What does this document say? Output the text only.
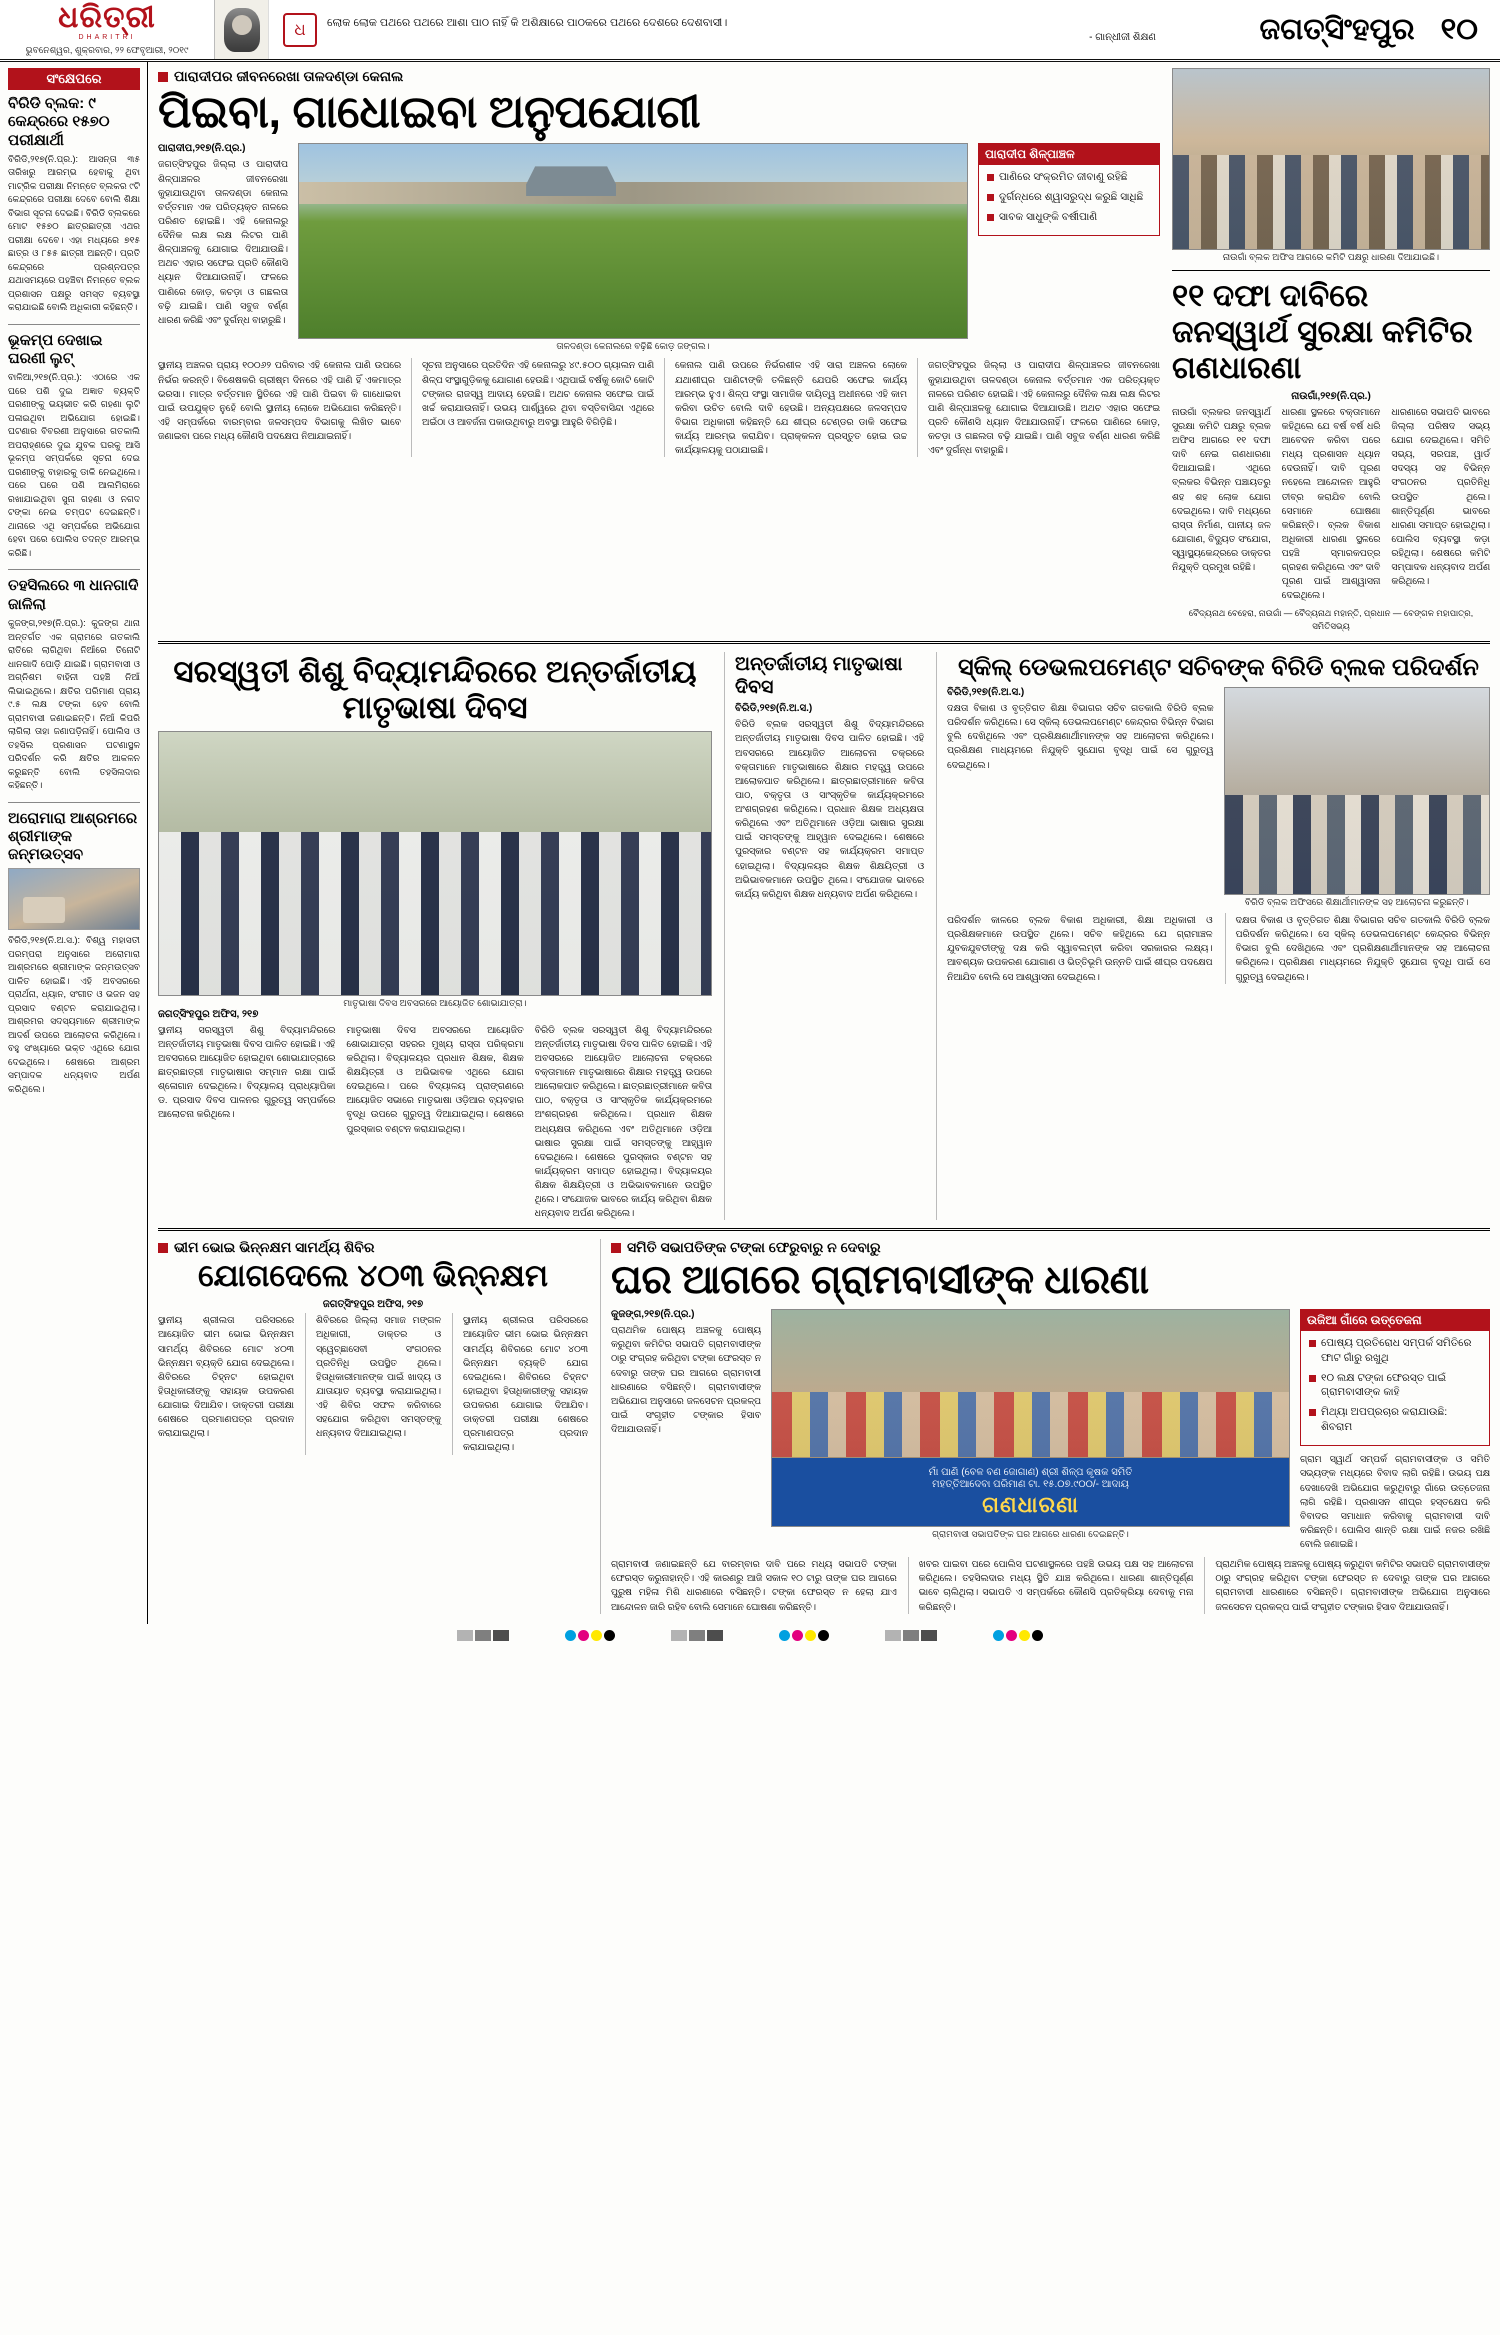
ଧରିତ୍ରୀ
DHARITRI
ଭୁବନେଶ୍ୱର, ଶୁକ୍ରବାର, ୨୨ ଫେବୃଆରୀ, ୨୦୧୯
ଧ	ଲୋକ ଲୋକ ପଥରେ ପଥରେ ଆଶା ପାଠ ନାହିଁ କି ଅଶିକ୍ଷାରେ ପାଠକରେ ପଥରେ ଦେଶରେ ଦେଶବାସୀ।
- ଗାନ୍ଧୀଜୀ ଶିକ୍ଷଣ	ଜଗତ୍‌ସିଂହପୁର ୧୦
ସଂକ୍ଷେପରେ
ବିରିଡି ବ୍ଲକ: ୯ କେନ୍ଦ୍ରରେ ୧୫୭୦ ପରୀକ୍ଷାର୍ଥୀ
ବିରିଡି,୨୧୭(ନି.ପ୍ର.): ଆସନ୍ତା ୩୫ ତାରିଖରୁ ଆରମ୍ଭ ହେବାକୁ ଥିବା ମାଟ୍ରିକ ପରୀକ୍ଷା ନିମନ୍ତେ ବ୍ଲକର ୯ଟି କେନ୍ଦ୍ରରେ ପରୀକ୍ଷା ଦେବେ ବୋଲି ଶିକ୍ଷା ବିଭାଗ ସୂଚନା ଦେଇଛି। ବିରିଡି ବ୍ଲକରେ ମୋଟ ୧୫୭୦ ଛାତ୍ରଛାତ୍ରୀ ଏଥର ପରୀକ୍ଷା ଦେବେ। ଏହା ମଧ୍ୟରେ ୭୧୫ ଛାତ୍ର ଓ ୮୫୫ ଛାତ୍ରୀ ଅଛନ୍ତି। ପ୍ରତି କେନ୍ଦ୍ରରେ ପ୍ରଶ୍ନପତ୍ର ଯଥାସମୟରେ ପହଞ୍ଚିବା ନିମନ୍ତେ ବ୍ଲକ ପ୍ରଶାସନ ପକ୍ଷରୁ ସମସ୍ତ ବ୍ୟବସ୍ଥା କରାଯାଇଛି ବୋଲି ଅଧିକାରୀ କହିଛନ୍ତି।
ଭୂକମ୍ପ ଦେଖାଇ ଘରଣୀ ଲୁଟ୍
ବାଳିଆ,୨୧୭(ନି.ପ୍ର.): ଏଠାରେ ଏକ ଘରେ ପଶି ଦୁଇ ଅଜ୍ଞାତ ବ୍ୟକ୍ତି ଘରଣୀଙ୍କୁ ଭୟଭୀତ କରି ଗହଣା ଲୁଟି ପଳାଇଥିବା ଅଭିଯୋଗ ହୋଇଛି। ଘଟଣାର ବିବରଣୀ ଅନୁସାରେ ଗତକାଲି ଅପରାହ୍ଣରେ ଦୁଇ ଯୁବକ ଘରକୁ ଆସି ଭୂକମ୍ପ ସମ୍ପର୍କରେ ସୂଚନା ଦେଇ ଘରଣୀଙ୍କୁ ବାହାରକୁ ଡାକି ନେଇଥିଲେ। ପରେ ଘରେ ପଶି ଆଲମିରାରେ ରଖାଯାଇଥିବା ସୁନା ଗହଣା ଓ ନଗଦ ଟଙ୍କା ନେଇ ଚମ୍ପଟ ଦେଇଛନ୍ତି। ଥାନାରେ ଏଥି ସମ୍ପର୍କରେ ଅଭିଯୋଗ ହେବା ପରେ ପୋଲିସ ତଦନ୍ତ ଆରମ୍ଭ କରିଛି।
ତହସିଲରେ ୩ ଧାନଗାଦି ଜାଳିଲା
କୁଜଙ୍ଗ,୨୧୭(ନି.ପ୍ର.): କୁଜଙ୍ଗ ଥାନା ଅନ୍ତର୍ଗତ ଏକ ଗ୍ରାମରେ ଗତକାଲି ରାତିରେ ଲାଗିଥିବା ନିଆଁରେ ତିନୋଟି ଧାନଗାଦି ପୋଡି଼ ଯାଇଛି। ଗ୍ରାମବାସୀ ଓ ଅଗ୍ନିଶମ ବାହିନୀ ପହଞ୍ଚି ନିଆଁ ଲିଭାଇଥିଲେ। କ୍ଷତିର ପରିମାଣ ପ୍ରାୟ ୯.୫ ଲକ୍ଷ ଟଙ୍କା ହେବ ବୋଲି ଗ୍ରାମବାସୀ ଜଣାଇଛନ୍ତି। ନିଆଁ କିପରି ଲାଗିଲା ତାହା ଜଣାପଡି଼ନାହିଁ। ପୋଲିସ ଓ ତହସିଲ ପ୍ରଶାସନ ଘଟଣାସ୍ଥଳ ପରିଦର୍ଶନ କରି କ୍ଷତିର ଆକଳନ କରୁଛନ୍ତି ବୋଲି ତହସିଲଦାର କହିଛନ୍ତି।
ଅରୋମାରା ଆଶ୍ରମରେ ଶ୍ରୀମାଙ୍କ ଜନ୍ମଉତ୍ସବ
ବିରିଡି,୨୧୭(ନି.ଅ.ସ.): ବିଶ୍ୱ ମହାସତୀ ପରମ୍ପରା ଅନୁସାରେ ଅରୋମାରା ଆଶ୍ରମରେ ଶ୍ରୀମାଙ୍କ ଜନ୍ମଉତ୍ସବ ପାଳିତ ହୋଇଛି। ଏହି ଅବସରରେ ପ୍ରାର୍ଥନା, ଧ୍ୟାନ, ସଂଗୀତ ଓ ଭଜନ ସହ ପ୍ରସାଦ ବଣ୍ଟନ କରାଯାଇଥିଲା। ଆଶ୍ରମର ସଦସ୍ୟମାନେ ଶ୍ରୀମାଙ୍କ ଆଦର୍ଶ ଉପରେ ଆଲୋଚନା କରିଥିଲେ। ବହୁ ସଂଖ୍ୟାରେ ଭକ୍ତ ଏଥିରେ ଯୋଗ ଦେଇଥିଲେ। ଶେଷରେ ଆଶ୍ରମ ସମ୍ପାଦକ ଧନ୍ୟବାଦ ଅର୍ପଣ କରିଥିଲେ।
ପାରାଦୀପର ଜୀବନରେଖା ତାଳଦଣ୍ଡା କେନାଲ
ପିଇବା, ଗାଧୋଇବା ଅନୁପଯୋଗୀ
ପାରାଦୀପ,୨୧୭(ନି.ପ୍ର.)
ଜଗତ୍‌ସିଂହପୁର ଜିଲ୍ଲା ଓ ପାରାଦୀପ ଶିଳ୍ପାଞ୍ଚଳର ଜୀବନରେଖା କୁହାଯାଉଥିବା ତାଳଦଣ୍ଡା କେନାଲ ବର୍ତ୍ତମାନ ଏକ ପରିତ୍ୟକ୍ତ ନାଳରେ ପରିଣତ ହୋଇଛି। ଏହି କେନାଲରୁ ଦୈନିକ ଲକ୍ଷ ଲକ୍ଷ ଲିଟର ପାଣି ଶିଳ୍ପାଞ୍ଚଳକୁ ଯୋଗାଇ ଦିଆଯାଉଛି। ଅଥଚ ଏହାର ସଫେଇ ପ୍ରତି କୌଣସି ଧ୍ୟାନ ଦିଆଯାଉନାହିଁ। ଫଳରେ ପାଣିରେ କୋଡ଼, କଚଡ଼ା ଓ ଗଛଲତା ବଢ଼ି ଯାଇଛି। ପାଣି ସବୁଜ ବର୍ଣ୍ଣ ଧାରଣ କରିଛି ଏବଂ ଦୁର୍ଗନ୍ଧ ବାହାରୁଛି।
ତାଳଦଣ୍ଡା କେନାଲରେ ବଢ଼ିଛି କୋଡ଼ ଜଙ୍ଗଲ।
ପାରାଦୀପ ଶିଳ୍ପାଞ୍ଚଳ
ପାଣିରେ ସଂକ୍ରମିତ ଜୀବାଣୁ ରହିଛି
ଦୁର୍ଗନ୍ଧରେ ଶ୍ୱାସରୁଦ୍ଧ କରୁଛି ସାଧିଛି
ସାବକ ସାଧୁଙ୍କି ବର୍ଷୀପାଣି
ସ୍ଥାନୀୟ ଅଞ୍ଚଳର ପ୍ରାୟ ୧୦୦୬୨ ପରିବାର ଏହି କେନାଲ ପାଣି ଉପରେ ନିର୍ଭର କରନ୍ତି। ବିଶେଷକରି ଗ୍ରୀଷ୍ମ ଦିନରେ ଏହି ପାଣି ହିଁ ଏକମାତ୍ର ଭରସା। ମାତ୍ର ବର୍ତ୍ତମାନ ସ୍ଥିତିରେ ଏହି ପାଣି ପିଇବା କି ଗାଧୋଇବା ପାଇଁ ଉପଯୁକ୍ତ ନୁହେଁ ବୋଲି ସ୍ଥାନୀୟ ଲୋକେ ଅଭିଯୋଗ କରିଛନ୍ତି। ଏହି ସମ୍ପର୍କରେ ବାରମ୍ବାର ଜଳସମ୍ପଦ ବିଭାଗକୁ ଲିଖିତ ଭାବେ ଜଣାଇବା ପରେ ମଧ୍ୟ କୌଣସି ପଦକ୍ଷେପ ନିଆଯାଇନାହିଁ।
ସୂଚନା ଅନୁସାରେ ପ୍ରତିଦିନ ଏହି କେନାଲରୁ ୪୯.୫୦୦ ଗ୍ୟାଲନ ପାଣି ଶିଳ୍ପ ସଂସ୍ଥାଗୁଡ଼ିକକୁ ଯୋଗାଣ ହେଉଛି। ଏଥିପାଇଁ ବର୍ଷକୁ କୋଟି କୋଟି ଟଙ୍କାର ରାଜସ୍ୱ ଆଦାୟ ହେଉଛି। ଅଥଚ କେନାଲ ସଫେଇ ପାଇଁ ଖର୍ଚ୍ଚ କରାଯାଉନାହିଁ। ଉଭୟ ପାର୍ଶ୍ୱରେ ଥିବା ବସ୍ତିବାସିନ୍ଦା ଏଥିରେ ଅଇଁଠା ଓ ଆବର୍ଜନା ପକାଉଥିବାରୁ ଅବସ୍ଥା ଆହୁରି ବିଗିଡ଼ିଛି।
କେନାଲ ପାଣି ଉପରେ ନିର୍ଭରଶୀଳ ଏହି ସାରା ଅଞ୍ଚଳର ଲୋକେ ଯଥାଶୀଘ୍ର ପାଣିଟାଙ୍କି ତଳିଛନ୍ତି ଯେପରି ସଫେଇ କାର୍ଯ୍ୟ ଆରମ୍ଭ ହୁଏ। ଶିଳ୍ପ ସଂସ୍ଥା ସାମାଜିକ ଦାୟିତ୍ୱ ଅଧୀନରେ ଏହି କାମ କରିବା ଉଚିତ ବୋଲି ଦାବି ହେଉଛି। ଅନ୍ୟପକ୍ଷରେ ଜଳସମ୍ପଦ ବିଭାଗ ଅଧିକାରୀ କହିଛନ୍ତି ଯେ ଶୀଘ୍ର ଟେଣ୍ଡର ଡାକି ସଫେଇ କାର୍ଯ୍ୟ ଆରମ୍ଭ କରାଯିବ। ପ୍ରାକ୍କଳନ ପ୍ରସ୍ତୁତ ହୋଇ ଉଚ୍ଚ କାର୍ଯ୍ୟାଳୟକୁ ପଠାଯାଇଛି।
ଜଗତ୍‌ସିଂହପୁର ଜିଲ୍ଲା ଓ ପାରାଦୀପ ଶିଳ୍ପାଞ୍ଚଳର ଜୀବନରେଖା କୁହାଯାଉଥିବା ତାଳଦଣ୍ଡା କେନାଲ ବର୍ତ୍ତମାନ ଏକ ପରିତ୍ୟକ୍ତ ନାଳରେ ପରିଣତ ହୋଇଛି। ଏହି କେନାଲରୁ ଦୈନିକ ଲକ୍ଷ ଲକ୍ଷ ଲିଟର ପାଣି ଶିଳ୍ପାଞ୍ଚଳକୁ ଯୋଗାଇ ଦିଆଯାଉଛି। ଅଥଚ ଏହାର ସଫେଇ ପ୍ରତି କୌଣସି ଧ୍ୟାନ ଦିଆଯାଉନାହିଁ। ଫଳରେ ପାଣିରେ କୋଡ଼, କଚଡ଼ା ଓ ଗଛଲତା ବଢ଼ି ଯାଇଛି। ପାଣି ସବୁଜ ବର୍ଣ୍ଣ ଧାରଣ କରିଛି ଏବଂ ଦୁର୍ଗନ୍ଧ ବାହାରୁଛି।
ନାଉଗାଁ ବ୍ଲକ ଅଫିସ ଆଗରେ କମିଟି ପକ୍ଷରୁ ଧାରଣା ଦିଆଯାଇଛି।
୧୧ ଦଫା ଦାବିରେ ଜନସ୍ୱାର୍ଥ ସୁରକ୍ଷା କମିଟିର ଗଣଧାରଣା
ନାଉଗାଁ,୨୧୭(ନି.ପ୍ର.)
ନାଉଗାଁ ବ୍ଲକର ଜନସ୍ୱାର୍ଥ ସୁରକ୍ଷା କମିଟି ପକ୍ଷରୁ ବ୍ଲକ ଅଫିସ ଆଗରେ ୧୧ ଦଫା ଦାବି ନେଇ ଗଣଧାରଣା ଦିଆଯାଇଛି। ଏଥିରେ ବ୍ଲକର ବିଭିନ୍ନ ପଞ୍ଚାୟତରୁ ଶହ ଶହ ଲୋକ ଯୋଗ ଦେଇଥିଲେ। ଦାବି ମଧ୍ୟରେ ରାସ୍ତା ନିର୍ମାଣ, ପାନୀୟ ଜଳ ଯୋଗାଣ, ବିଦ୍ୟୁତ ସଂଯୋଗ, ସ୍ୱାସ୍ଥ୍ୟକେନ୍ଦ୍ରରେ ଡାକ୍ତର ନିଯୁକ୍ତି ପ୍ରମୁଖ ରହିଛି।
ଧାରଣା ସ୍ଥଳରେ ବକ୍ତାମାନେ କହିଥିଲେ ଯେ ବର୍ଷ ବର୍ଷ ଧରି ଆବେଦନ କରିବା ପରେ ମଧ୍ୟ ପ୍ରଶାସନ ଧ୍ୟାନ ଦେଉନାହିଁ। ଦାବି ପୂରଣ ନହେଲେ ଆନ୍ଦୋଳନ ଆହୁରି ତୀବ୍ର କରାଯିବ ବୋଲି ସେମାନେ ଘୋଷଣା କରିଛନ୍ତି। ବ୍ଲକ ବିକାଶ ଅଧିକାରୀ ଧାରଣା ସ୍ଥଳରେ ପହଞ୍ଚି ସ୍ମାରକପତ୍ର ଗ୍ରହଣ କରିଥିଲେ ଏବଂ ଦାବି ପୂରଣ ପାଇଁ ଆଶ୍ୱାସନା ଦେଇଥିଲେ।
ଧାରଣାରେ ସଭାପତି ଭାବରେ ଜିଲ୍ଲା ପରିଷଦ ସଭ୍ୟ ଯୋଗ ଦେଇଥିଲେ। ସମିତି ସଭ୍ୟ, ସରପଞ୍ଚ, ୱାର୍ଡ ସଦସ୍ୟ ସହ ବିଭିନ୍ନ ସଂଗଠନର ପ୍ରତିନିଧି ଉପସ୍ଥିତ ଥିଲେ। ଶାନ୍ତିପୂର୍ଣ୍ଣ ଭାବରେ ଧାରଣା ସମାପ୍ତ ହୋଇଥିଲା। ପୋଲିସ ବ୍ୟବସ୍ଥା କଡ଼ା ରହିଥିଲା। ଶେଷରେ କମିଟି ସମ୍ପାଦକ ଧନ୍ୟବାଦ ଅର୍ପଣ କରିଥିଲେ।
ବୈଦ୍ୟନାଥ ବେହେରା, ନାଉଗାଁ — ବୈଦ୍ୟନାଥ ମହାନ୍ତି, ପ୍ରଧାନ — ବେଙ୍ଗଳ ମହାପାତ୍ର, ସମିତିସଭ୍ୟ
ସରସ୍ୱତୀ ଶିଶୁ ବିଦ୍ୟାମନ୍ଦିରରେ ଅନ୍ତର୍ଜାତୀୟ ମାତୃଭାଷା ଦିବସ
ମାତୃଭାଷା ଦିବସ ଅବସରରେ ଆୟୋଜିତ ଶୋଭାଯାତ୍ରା।
ଜଗତ୍‌ସିଂହପୁର ଅଫିସ, ୨୧୭
ସ୍ଥାନୀୟ ସରସ୍ୱତୀ ଶିଶୁ ବିଦ୍ୟାମନ୍ଦିରରେ ଅନ୍ତର୍ଜାତୀୟ ମାତୃଭାଷା ଦିବସ ପାଳିତ ହୋଇଛି। ଏହି ଅବସରରେ ଆୟୋଜିତ ହୋଇଥିବା ଶୋଭାଯାତ୍ରାରେ ଛାତ୍ରଛାତ୍ରୀ ମାତୃଭାଷାର ସମ୍ମାନ ରକ୍ଷା ପାଇଁ ଶ୍ଳୋଗାନ ଦେଇଥିଲେ। ବିଦ୍ୟାଳୟ ପ୍ରାଧ୍ୟାପିକା ଡ. ପ୍ରସାଦ ଦିବସ ପାଳନର ଗୁରୁତ୍ୱ ସମ୍ପର୍କରେ ଆଲୋଚନା କରିଥିଲେ।
ମାତୃଭାଷା ଦିବସ ଅବସରରେ ଆୟୋଜିତ ଶୋଭାଯାତ୍ରା ସହରର ମୁଖ୍ୟ ରାସ୍ତା ପରିକ୍ରମା କରିଥିଲା। ବିଦ୍ୟାଳୟର ପ୍ରଧାନ ଶିକ୍ଷକ, ଶିକ୍ଷକ ଶିକ୍ଷୟିତ୍ରୀ ଓ ଅଭିଭାବକ ଏଥିରେ ଯୋଗ ଦେଇଥିଲେ। ପରେ ବିଦ୍ୟାଳୟ ପ୍ରାଙ୍ଗଣରେ ଆୟୋଜିତ ସଭାରେ ମାତୃଭାଷା ଓଡ଼ିଆର ବ୍ୟବହାର ବୃଦ୍ଧି ଉପରେ ଗୁରୁତ୍ୱ ଦିଆଯାଇଥିଲା। ଶେଷରେ ପୁରସ୍କାର ବଣ୍ଟନ କରାଯାଇଥିଲା।
ବିରିଡି ବ୍ଲକ ସରସ୍ୱତୀ ଶିଶୁ ବିଦ୍ୟାମନ୍ଦିରରେ ଅନ୍ତର୍ଜାତୀୟ ମାତୃଭାଷା ଦିବସ ପାଳିତ ହୋଇଛି। ଏହି ଅବସରରେ ଆୟୋଜିତ ଆଲୋଚନା ଚକ୍ରରେ ବକ୍ତାମାନେ ମାତୃଭାଷାରେ ଶିକ୍ଷାର ମହତ୍ତ୍ୱ ଉପରେ ଆଲୋକପାତ କରିଥିଲେ। ଛାତ୍ରଛାତ୍ରୀମାନେ କବିତା ପାଠ, ବକ୍ତୃତା ଓ ସାଂସ୍କୃତିକ କାର୍ଯ୍ୟକ୍ରମରେ ଅଂଶଗ୍ରହଣ କରିଥିଲେ। ପ୍ରଧାନ ଶିକ୍ଷକ ଅଧ୍ୟକ୍ଷତା କରିଥିଲେ ଏବଂ ଅତିଥିମାନେ ଓଡ଼ିଆ ଭାଷାର ସୁରକ୍ଷା ପାଇଁ ସମସ୍ତଙ୍କୁ ଆହ୍ୱାନ ଦେଇଥିଲେ। ଶେଷରେ ପୁରସ୍କାର ବଣ୍ଟନ ସହ କାର୍ଯ୍ୟକ୍ରମ ସମାପ୍ତ ହୋଇଥିଲା। ବିଦ୍ୟାଳୟର ଶିକ୍ଷକ ଶିକ୍ଷୟିତ୍ରୀ ଓ ଅଭିଭାବକମାନେ ଉପସ୍ଥିତ ଥିଲେ। ସଂଯୋଜକ ଭାବରେ କାର୍ଯ୍ୟ କରିଥିବା ଶିକ୍ଷକ ଧନ୍ୟବାଦ ଅର୍ପଣ କରିଥିଲେ।
ଅନ୍ତର୍ଜାତୀୟ ମାତୃଭାଷା ଦିବସ
ବିରିଡି,୨୧୭(ନି.ଅ.ସ.)
ବିରିଡି ବ୍ଲକ ସରସ୍ୱତୀ ଶିଶୁ ବିଦ୍ୟାମନ୍ଦିରରେ ଅନ୍ତର୍ଜାତୀୟ ମାତୃଭାଷା ଦିବସ ପାଳିତ ହୋଇଛି। ଏହି ଅବସରରେ ଆୟୋଜିତ ଆଲୋଚନା ଚକ୍ରରେ ବକ୍ତାମାନେ ମାତୃଭାଷାରେ ଶିକ୍ଷାର ମହତ୍ତ୍ୱ ଉପରେ ଆଲୋକପାତ କରିଥିଲେ। ଛାତ୍ରଛାତ୍ରୀମାନେ କବିତା ପାଠ, ବକ୍ତୃତା ଓ ସାଂସ୍କୃତିକ କାର୍ଯ୍ୟକ୍ରମରେ ଅଂଶଗ୍ରହଣ କରିଥିଲେ। ପ୍ରଧାନ ଶିକ୍ଷକ ଅଧ୍ୟକ୍ଷତା କରିଥିଲେ ଏବଂ ଅତିଥିମାନେ ଓଡ଼ିଆ ଭାଷାର ସୁରକ୍ଷା ପାଇଁ ସମସ୍ତଙ୍କୁ ଆହ୍ୱାନ ଦେଇଥିଲେ। ଶେଷରେ ପୁରସ୍କାର ବଣ୍ଟନ ସହ କାର୍ଯ୍ୟକ୍ରମ ସମାପ୍ତ ହୋଇଥିଲା। ବିଦ୍ୟାଳୟର ଶିକ୍ଷକ ଶିକ୍ଷୟିତ୍ରୀ ଓ ଅଭିଭାବକମାନେ ଉପସ୍ଥିତ ଥିଲେ। ସଂଯୋଜକ ଭାବରେ କାର୍ଯ୍ୟ କରିଥିବା ଶିକ୍ଷକ ଧନ୍ୟବାଦ ଅର୍ପଣ କରିଥିଲେ।
ସ୍କିଲ୍ ଡେଭଲପମେଣ୍ଟ ସଚିବଙ୍କ ବିରିଡି ବ୍ଲକ ପରିଦର୍ଶନ
ବିରିଡି,୨୧୭(ନି.ଅ.ସ.)
ଦକ୍ଷତା ବିକାଶ ଓ ବୃତ୍ତିଗତ ଶିକ୍ଷା ବିଭାଗର ସଚିବ ଗତକାଲି ବିରିଡି ବ୍ଲକ ପରିଦର୍ଶନ କରିଥିଲେ। ସେ ସ୍କିଲ୍ ଡେଭଲପମେଣ୍ଟ କେନ୍ଦ୍ରର ବିଭିନ୍ନ ବିଭାଗ ବୁଲି ଦେଖିଥିଲେ ଏବଂ ପ୍ରଶିକ୍ଷଣାର୍ଥୀମାନଙ୍କ ସହ ଆଲୋଚନା କରିଥିଲେ। ପ୍ରଶିକ୍ଷଣ ମାଧ୍ୟମରେ ନିଯୁକ୍ତି ସୁଯୋଗ ବୃଦ୍ଧି ପାଇଁ ସେ ଗୁରୁତ୍ୱ ଦେଇଥିଲେ।
ବିରିଡି ବ୍ଲକ ଅଫିସରେ ଶିକ୍ଷାର୍ଥୀମାନଙ୍କ ସହ ଆଲୋଚନା କରୁଛନ୍ତି।
ପରିଦର୍ଶନ କାଳରେ ବ୍ଲକ ବିକାଶ ଅଧିକାରୀ, ଶିକ୍ଷା ଅଧିକାରୀ ଓ ପ୍ରଶିକ୍ଷକମାନେ ଉପସ୍ଥିତ ଥିଲେ। ସଚିବ କହିଥିଲେ ଯେ ଗ୍ରାମାଞ୍ଚଳ ଯୁବକଯୁବତୀଙ୍କୁ ଦକ୍ଷ କରି ସ୍ୱାବଲମ୍ବୀ କରିବା ସରକାରର ଲକ୍ଷ୍ୟ। ଆବଶ୍ୟକ ଉପକରଣ ଯୋଗାଣ ଓ ଭିତ୍ତିଭୂମି ଉନ୍ନତି ପାଇଁ ଶୀଘ୍ର ପଦକ୍ଷେପ ନିଆଯିବ ବୋଲି ସେ ଆଶ୍ୱାସନା ଦେଇଥିଲେ।
ଦକ୍ଷତା ବିକାଶ ଓ ବୃତ୍ତିଗତ ଶିକ୍ଷା ବିଭାଗର ସଚିବ ଗତକାଲି ବିରିଡି ବ୍ଲକ ପରିଦର୍ଶନ କରିଥିଲେ। ସେ ସ୍କିଲ୍ ଡେଭଲପମେଣ୍ଟ କେନ୍ଦ୍ରର ବିଭିନ୍ନ ବିଭାଗ ବୁଲି ଦେଖିଥିଲେ ଏବଂ ପ୍ରଶିକ୍ଷଣାର୍ଥୀମାନଙ୍କ ସହ ଆଲୋଚନା କରିଥିଲେ। ପ୍ରଶିକ୍ଷଣ ମାଧ୍ୟମରେ ନିଯୁକ୍ତି ସୁଯୋଗ ବୃଦ୍ଧି ପାଇଁ ସେ ଗୁରୁତ୍ୱ ଦେଇଥିଲେ।
ଭୀମ ଭୋଇ ଭିନ୍ନକ୍ଷମ ସାମର୍ଥ୍ୟ ଶିବିର
ଯୋଗଦେଲେ ୪୦୩ ଭିନ୍ନକ୍ଷମ
ଜଗତ୍‌ସିଂହପୁର ଅଫିସ, ୨୧୭
ସ୍ଥାନୀୟ ଶ୍ରୀଲତା ପରିସରରେ ଆୟୋଜିତ ଭୀମ ଭୋଇ ଭିନ୍ନକ୍ଷମ ସାମର୍ଥ୍ୟ ଶିବିରରେ ମୋଟ ୪୦୩ ଭିନ୍ନକ୍ଷମ ବ୍ୟକ୍ତି ଯୋଗ ଦେଇଥିଲେ। ଶିବିରରେ ଚିହ୍ନଟ ହୋଇଥିବା ହିତାଧିକାରୀଙ୍କୁ ସହାୟକ ଉପକରଣ ଯୋଗାଇ ଦିଆଯିବ। ଡାକ୍ତରୀ ପରୀକ୍ଷା ଶେଷରେ ପ୍ରମାଣପତ୍ର ପ୍ରଦାନ କରାଯାଇଥିଲା।
ଶିବିରରେ ଜିଲ୍ଲା ସମାଜ ମଙ୍ଗଳ ଅଧିକାରୀ, ଡାକ୍ତର ଓ ସ୍ୱେଚ୍ଛାସେବୀ ସଂଗଠନର ପ୍ରତିନିଧି ଉପସ୍ଥିତ ଥିଲେ। ହିତାଧିକାରୀମାନଙ୍କ ପାଇଁ ଖାଦ୍ୟ ଓ ଯାତାୟାତ ବ୍ୟବସ୍ଥା କରାଯାଇଥିଲା। ଏହି ଶିବିର ସଫଳ କରିବାରେ ସହଯୋଗ କରିଥିବା ସମସ୍ତଙ୍କୁ ଧନ୍ୟବାଦ ଦିଆଯାଇଥିଲା।
ସ୍ଥାନୀୟ ଶ୍ରୀଲତା ପରିସରରେ ଆୟୋଜିତ ଭୀମ ଭୋଇ ଭିନ୍ନକ୍ଷମ ସାମର୍ଥ୍ୟ ଶିବିରରେ ମୋଟ ୪୦୩ ଭିନ୍ନକ୍ଷମ ବ୍ୟକ୍ତି ଯୋଗ ଦେଇଥିଲେ। ଶିବିରରେ ଚିହ୍ନଟ ହୋଇଥିବା ହିତାଧିକାରୀଙ୍କୁ ସହାୟକ ଉପକରଣ ଯୋଗାଇ ଦିଆଯିବ। ଡାକ୍ତରୀ ପରୀକ୍ଷା ଶେଷରେ ପ୍ରମାଣପତ୍ର ପ୍ରଦାନ କରାଯାଇଥିଲା।
ସମିତି ସଭାପତିଙ୍କ ଟଙ୍କା ଫେରୁବାରୁ ନ ଦେବାରୁ
ଘର ଆଗରେ ଗ୍ରାମବାସୀଙ୍କ ଧାରଣା
କୁଜଙ୍ଗ,୨୧୭(ନି.ପ୍ର.)
ପ୍ରାଥମିକ ପୋଷ୍ୟ ଅଞ୍ଚଳକୁ ପୋଷ୍ୟ କରୁଥିବା କମିଟିର ସଭାପତି ଗ୍ରାମବାସୀଙ୍କ ଠାରୁ ସଂଗ୍ରହ କରିଥିବା ଟଙ୍କା ଫେରସ୍ତ ନ ଦେବାରୁ ତାଙ୍କ ଘର ଆଗରେ ଗ୍ରାମବାସୀ ଧାରଣାରେ ବସିଛନ୍ତି। ଗ୍ରାମବାସୀଙ୍କ ଅଭିଯୋଗ ଅନୁସାରେ ଜଳସେଚନ ପ୍ରକଳ୍ପ ପାଇଁ ସଂଗୃହୀତ ଟଙ୍କାର ହିସାବ ଦିଆଯାଉନାହିଁ।
ମାଁ ପାଣି (ବେଳ ବଣ ଜୋଗାଣ) ଶ୍ରୀ ଶିଳ୍ପ କୃଷକ ସମିତି
ମହତ୍ତିଆଦେବା ପରିମାଣ ଟା. ୧୫.୦୭.୯୦୦/- ଆଦାୟ
ଗଣଧାରଣା
ଗ୍ରାମବାସୀ ସଭାପତିଙ୍କ ଘର ଆଗରେ ଧାରଣା ଦେଇଛନ୍ତି।
ଉଜିଆ ଗାଁରେ ଉତ୍ତେଜନା
ପୋଷ୍ୟ ପ୍ରତିରୋଧ ସମ୍ପର୍କ ସମିତିରେ ଫାଟ ଗାଁରୁ ରଖୁଥି
୧୦ ଲକ୍ଷ ଟଙ୍କା ଫେରସ୍ତ ପାଇଁ ଗ୍ରାମବାସୀଙ୍କ କାହି
ମିଥ୍ୟା ଅପପ୍ରଚାର କରାଯାଉଛି: ଶିବରାମ
ଗ୍ରାମ ସ୍ୱାର୍ଥ ସମ୍ପର୍କ ଗ୍ରାମବାସୀଙ୍କ ଓ ସମିତି ସଭ୍ୟଙ୍କ ମଧ୍ୟରେ ବିବାଦ ଲାଗି ରହିଛି। ଉଭୟ ପକ୍ଷ ଦେଖାଦେଖି ଅଭିଯୋଗ କରୁଥିବାରୁ ଗାଁରେ ଉତ୍ତେଜନା ଲାଗି ରହିଛି। ପ୍ରଶାସନ ଶୀଘ୍ର ହସ୍ତକ୍ଷେପ କରି ବିବାଦର ସମାଧାନ କରିବାକୁ ଗ୍ରାମବାସୀ ଦାବି କରିଛନ୍ତି। ପୋଲିସ ଶାନ୍ତି ରକ୍ଷା ପାଇଁ ନଜର ରଖିଛି ବୋଲି ଜଣାଇଛି।
ଗ୍ରାମବାସୀ ଜଣାଇଛନ୍ତି ଯେ ବାରମ୍ବାର ଦାବି ପରେ ମଧ୍ୟ ସଭାପତି ଟଙ୍କା ଫେରସ୍ତ କରୁନାହାନ୍ତି। ଏହି କାରଣରୁ ଆଜି ସକାଳ ୧୦ ଟାରୁ ତାଙ୍କ ଘର ଆଗରେ ପୁରୁଷ ମହିଳା ମିଶି ଧାରଣାରେ ବସିଛନ୍ତି। ଟଙ୍କା ଫେରସ୍ତ ନ ହେଲା ଯାଏ ଆନ୍ଦୋଳନ ଜାରି ରହିବ ବୋଲି ସେମାନେ ଘୋଷଣା କରିଛନ୍ତି।
ଖବର ପାଇବା ପରେ ପୋଲିସ ଘଟଣାସ୍ଥଳରେ ପହଞ୍ଚି ଉଭୟ ପକ୍ଷ ସହ ଆଲୋଚନା କରିଥିଲେ। ତହସିଲଦାର ମଧ୍ୟ ସ୍ଥିତି ଯାଞ୍ଚ କରିଥିଲେ। ଧାରଣା ଶାନ୍ତିପୂର୍ଣ୍ଣ ଭାବେ ଚାଲିଥିଲା। ସଭାପତି ଏ ସମ୍ପର୍କରେ କୌଣସି ପ୍ରତିକ୍ରିୟା ଦେବାକୁ ମନା କରିଛନ୍ତି।
ପ୍ରାଥମିକ ପୋଷ୍ୟ ଅଞ୍ଚଳକୁ ପୋଷ୍ୟ କରୁଥିବା କମିଟିର ସଭାପତି ଗ୍ରାମବାସୀଙ୍କ ଠାରୁ ସଂଗ୍ରହ କରିଥିବା ଟଙ୍କା ଫେରସ୍ତ ନ ଦେବାରୁ ତାଙ୍କ ଘର ଆଗରେ ଗ୍ରାମବାସୀ ଧାରଣାରେ ବସିଛନ୍ତି। ଗ୍ରାମବାସୀଙ୍କ ଅଭିଯୋଗ ଅନୁସାରେ ଜଳସେଚନ ପ୍ରକଳ୍ପ ପାଇଁ ସଂଗୃହୀତ ଟଙ୍କାର ହିସାବ ଦିଆଯାଉନାହିଁ।
